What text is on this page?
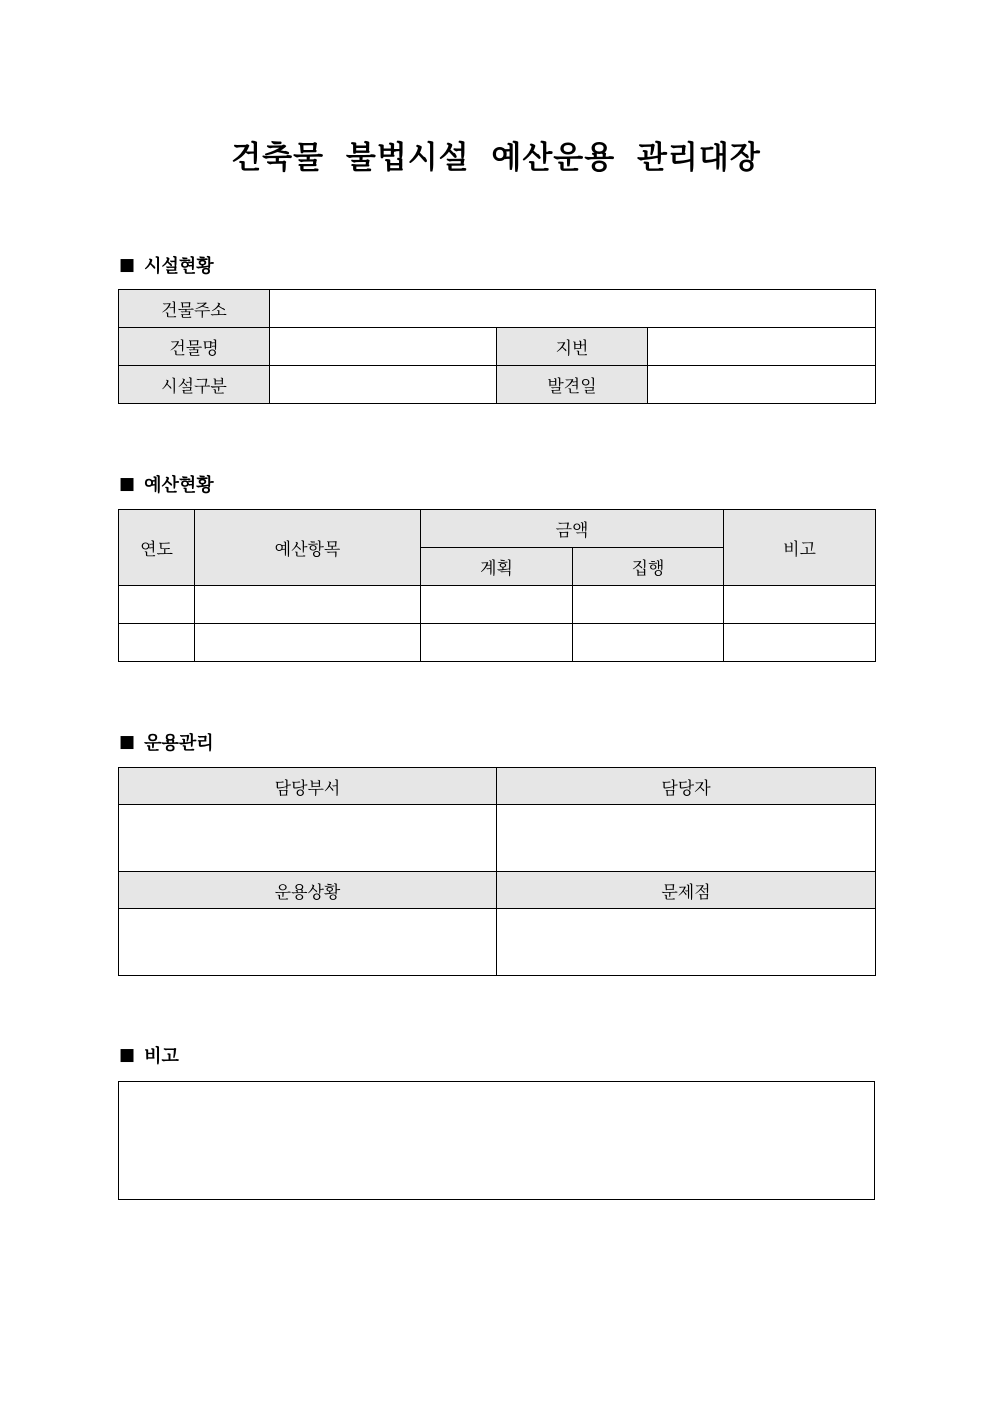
건축물 불법시설 예산운용 관리대장
■ 시설현황
건물주소			
건물명		지번	
시설구분		발견일	
■ 예산현황
연도	예산항목	금액		비고
		계획	집행	

■ 운용관리
담당부서	담당자

운용상황	문제점

■ 비고
